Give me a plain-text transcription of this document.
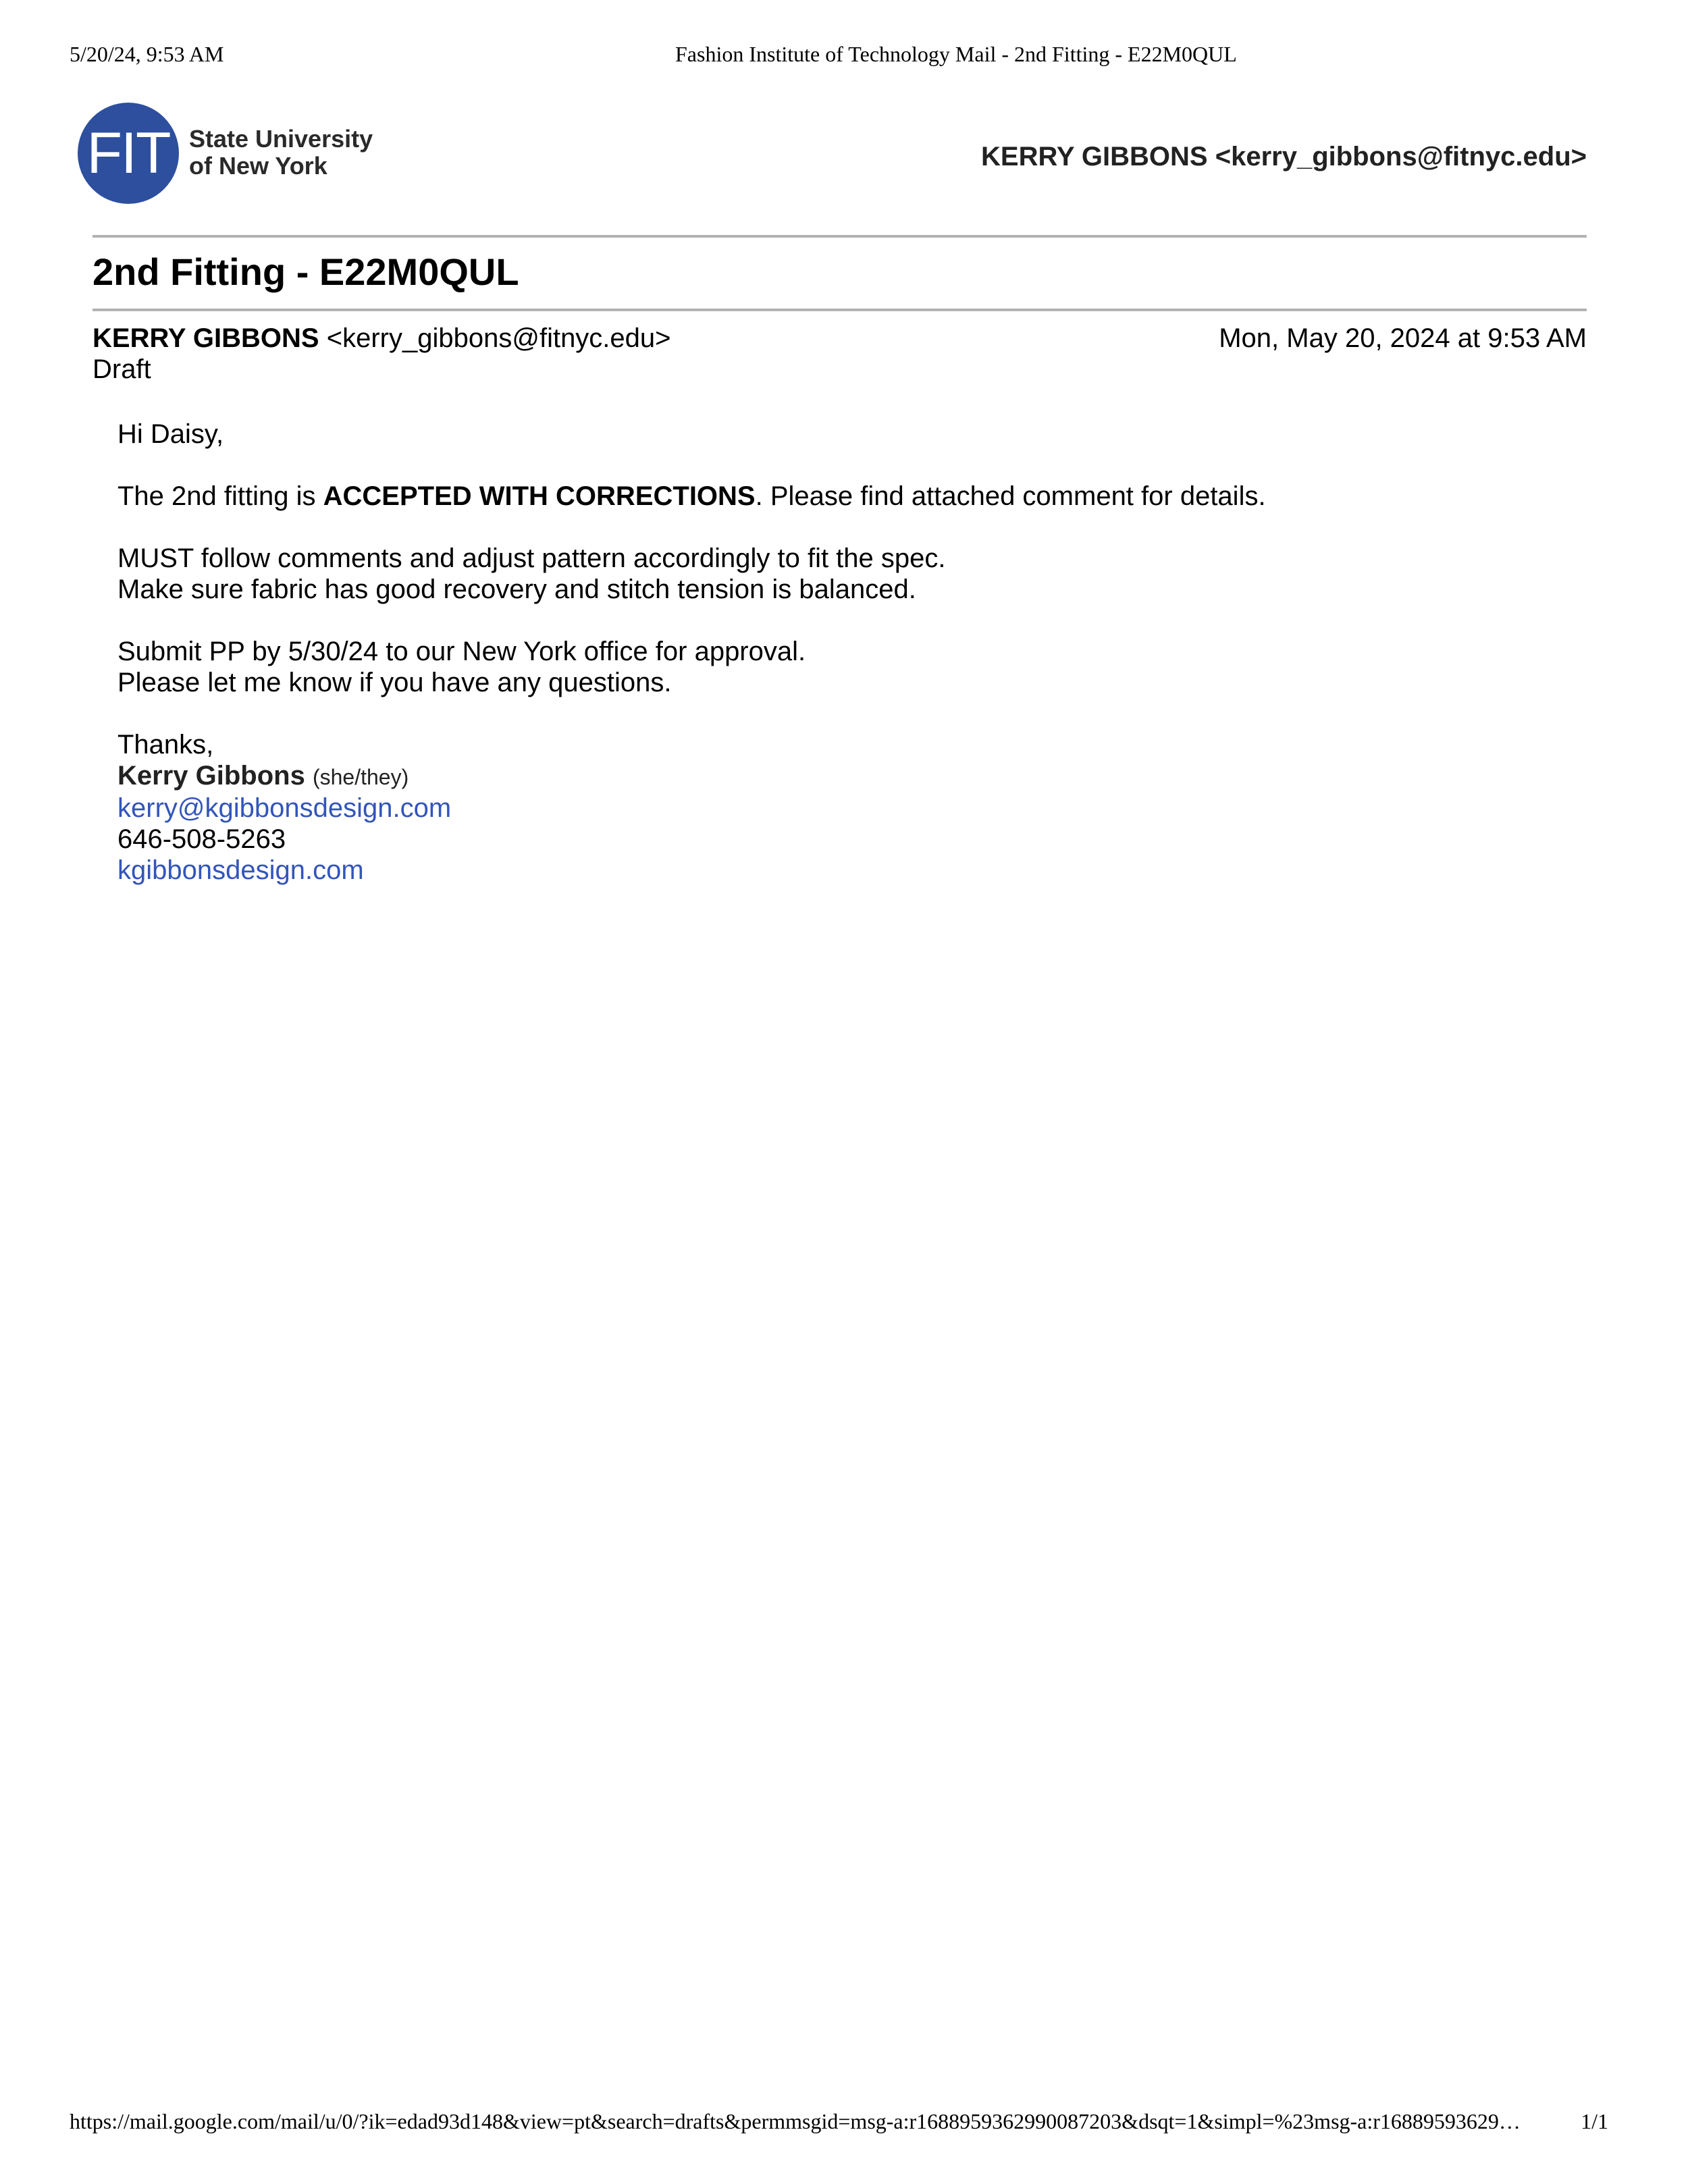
5/20/24, 9:53 AM	Fashion Institute of Technology Mail - 2nd Fitting - E22M0QUL
FIT State University
of New York	KERRY GIBBONS <kerry_gibbons@fitnyc.edu>
2nd Fitting - E22M0QUL
KERRY GIBBONS <kerry_gibbons@fitnyc.edu>	Mon, May 20, 2024 at 9:53 AM
Draft

Hi Daisy,

The 2nd fitting is ACCEPTED WITH CORRECTIONS. Please find attached comment for details.

MUST follow comments and adjust pattern accordingly to fit the spec.
Make sure fabric has good recovery and stitch tension is balanced.

Submit PP by 5/30/24 to our New York office for approval.
Please let me know if you have any questions.

Thanks,
Kerry Gibbons (she/they)
kerry@kgibbonsdesign.com
646-508-5263
kgibbonsdesign.com
https://mail.google.com/mail/u/0/?ik=edad93d148&view=pt&search=drafts&permmsgid=msg-a:r1688959362990087203&dsqt=1&simpl=%23msg-a:r16889593629…	1/1
